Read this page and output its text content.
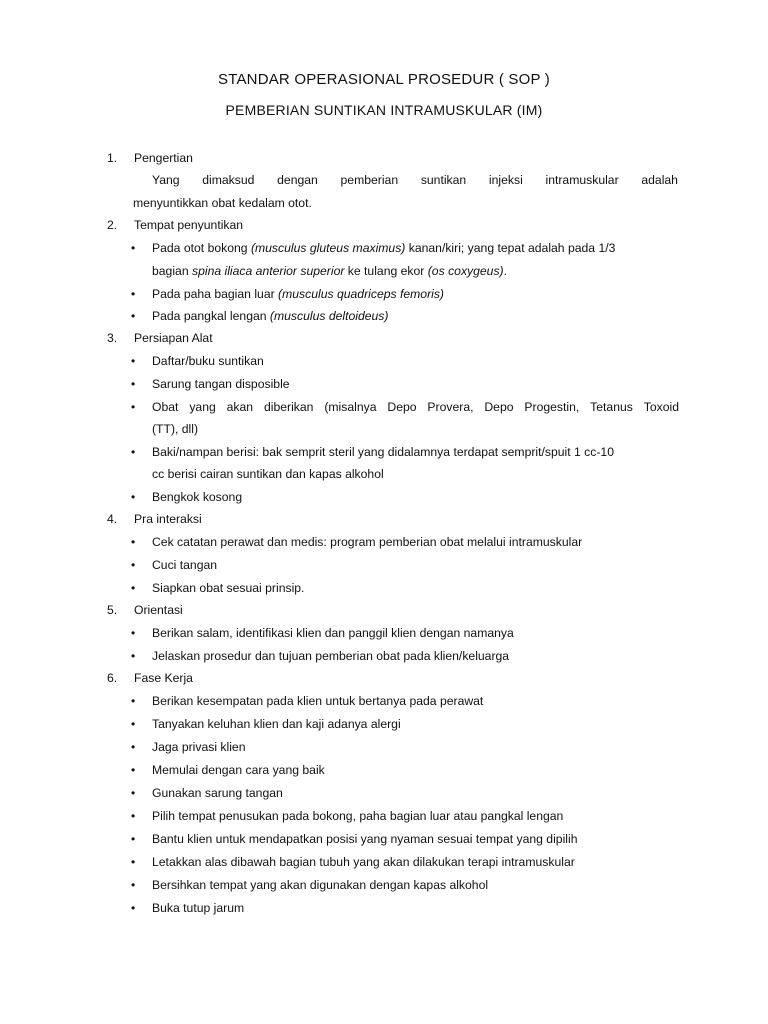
STANDAR OPERASIONAL PROSEDUR ( SOP )
PEMBERIAN SUNTIKAN INTRAMUSKULAR (IM)
1. Pengertian
Yang dimaksud dengan pemberian suntikan injeksi intramuskular adalah
menyuntikkan obat kedalam otot.
2. Tempat penyuntikan
•	Pada otot bokong (musculus gluteus maximus) kanan/kiri; yang tepat adalah pada 1/3
bagian spina iliaca anterior superior ke tulang ekor (os coxygeus).
•	Pada paha bagian luar (musculus quadriceps femoris)
•	Pada pangkal lengan (musculus deltoideus)
3. Persiapan Alat
•	Daftar/buku suntikan
•	Sarung tangan disposible
•	Obat yang akan diberikan (misalnya Depo Provera, Depo Progestin, Tetanus Toxoid
(TT), dll)
•	Baki/nampan berisi: bak semprit steril yang didalamnya terdapat semprit/spuit 1 cc-10
cc berisi cairan suntikan dan kapas alkohol
•	Bengkok kosong
4. Pra interaksi
•	Cek catatan perawat dan medis: program pemberian obat melalui intramuskular
•	Cuci tangan
•	Siapkan obat sesuai prinsip.
5. Orientasi
•	Berikan salam, identifikasi klien dan panggil klien dengan namanya
•	Jelaskan prosedur dan tujuan pemberian obat pada klien/keluarga
6. Fase Kerja
•	Berikan kesempatan pada klien untuk bertanya pada perawat
•	Tanyakan keluhan klien dan kaji adanya alergi
•	Jaga privasi klien
•	Memulai dengan cara yang baik
•	Gunakan sarung tangan
•	Pilih tempat penusukan pada bokong, paha bagian luar atau pangkal lengan
•	Bantu klien untuk mendapatkan posisi yang nyaman sesuai tempat yang dipilih
•	Letakkan alas dibawah bagian tubuh yang akan dilakukan terapi intramuskular
•	Bersihkan tempat yang akan digunakan dengan kapas alkohol
•	Buka tutup jarum
